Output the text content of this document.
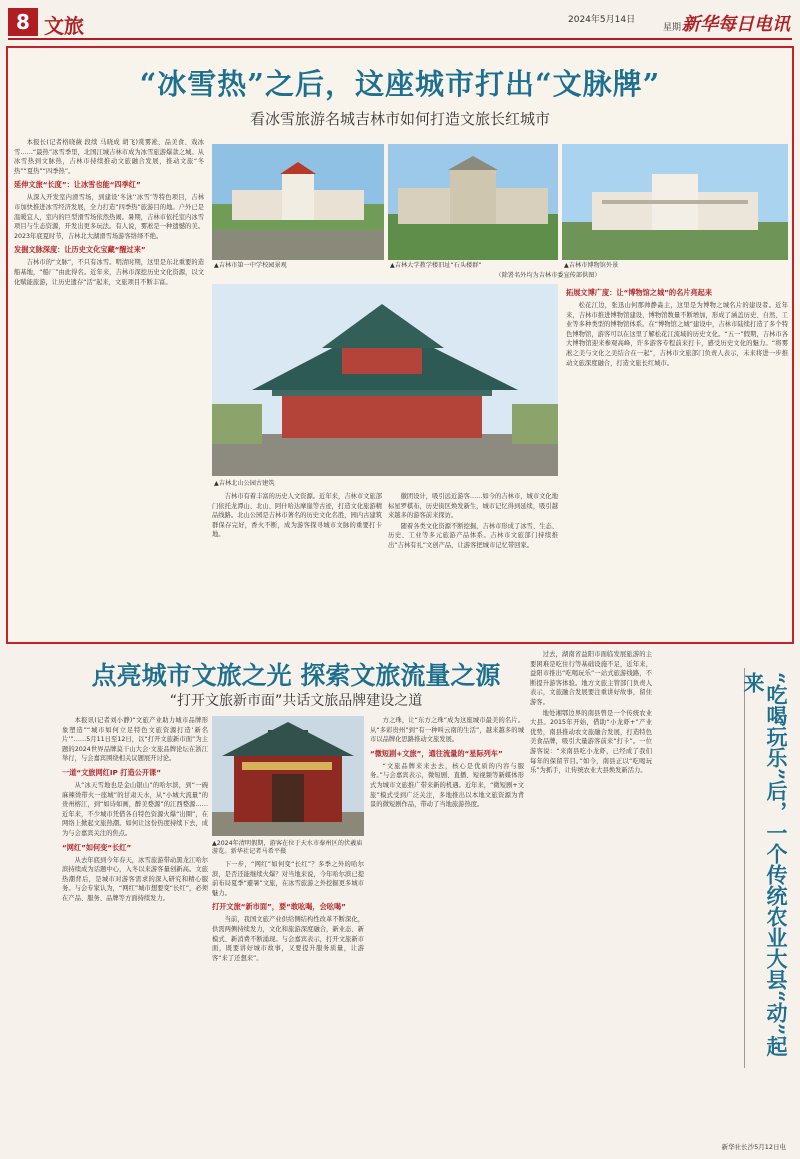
8 文旅	2024年5月14日
星期二
新华每日电讯
“冰雪热”之后，这座城市打出“文脉牌”
看冰雪旅游名城吉林市如何打造文旅长红城市

本报长(记者格晓薇 段续 马晓成 胡飞)赏雾凇、品美食、戏冰雪……“最热”冰雪季里，北国江城吉林市成为冰雪旅游爆款之城。从冰雪热到文脉热，吉林市持续推动文旅融合发展，推动文旅“冬热”“夏热”“四季热”。

延伸文旅“长度”：让冰雪也能“四季红”

从深入开发室内滑雪场，到建设‘冬泳’‘冰雪’等特色项目，吉林市加快推进冰雪经济发展，全力打造“四季热”旅游目的地。户外已是温暖宜人，室内的巨型滑雪场依然热闹。暑期，吉林市依托室内冰雪项目与生态资源，开发出更多玩法。有人说，雾凇是一种遗憾的美。2023年底夏时节，吉林北大湖滑雪场游客络绎不绝。

发掘文脉深度：让历史文化宝藏“醒过来”

吉林市的“文脉”，不只有冰雪。明清时期，这里是东北重要的造船基地，“船厂”由此得名。近年来，吉林市深挖历史文化资源，以文化赋能旅游，让历史遗存“活”起来，文旅项目不断丰富。

▲吉林市第一中学校园景观	▲吉林大学教学楼旧址“石头楼群”	▲吉林市博物馆外景
（除署名外均为吉林市委宣传部供图）
▲吉林北山公园古建筑

吉林市有着丰富的历史人文资源。近年来，吉林市文旅部门依托龙潭山、北山、阿什哈达摩崖等古迹，打造文化旅游精品线路。北山公园是吉林市著名的历史文化名胜，园内古建筑群保存完好，香火不断，成为游客探寻城市文脉的重要打卡地。

徽团设计，吸引远近游客……如今的吉林市，城市文化地标星罗棋布，历史街区焕发新生，城市记忆得到延续，吸引越来越多的游客前来探访。

随着各类文化资源不断挖掘，吉林市形成了冰雪、生态、历史、工业等多元旅游产品体系。吉林市文旅部门持续推出“吉林有礼”文创产品，让游客把城市记忆带回家。

拓展文博广度：让“博物馆之城”的名片亮起来

松花江边，张迅山何那帅静淼主，这里是为博物之城名片的建设者。近年来，吉林市推进博物馆建设，博物馆数量不断增加，形成了涵盖历史、自然、工业等多种类型的博物馆体系。在“博物馆之城”建设中，吉林市陆续打造了多个特色博物馆，游客可以在这里了解松花江流域的历史文化。“五一”假期，吉林市各大博物馆迎来参观高峰，许多游客专程前来打卡，感受历史文化的魅力。“将雾凇之美与文化之美结合在一起”，吉林市文旅部门负责人表示，未来将进一步推动文旅深度融合，打造文旅长红城市。

点亮城市文旅之光 探索文旅流量之源
“打开文旅新市面”共话文旅品牌建设之道

本报讯(记者刘小静)“文旅产业助力城市品牌形象塑造”“城市如何立足特色文旅资源打造‘新名片’”……5月11日至12日，以“打开文旅新市面”为主题的2024世界品牌莫干山大会·文旅品牌论坛在浙江举行，与会嘉宾围绕相关议题展开讨论。

一道“文旅网红IP 打造公开课”

从“冰天雪地也是金山银山”的哈尔滨，到“一碗麻辣烫带火一座城”的甘肃天水，从“小城大流量”的贵州榕江，到“如诗如画，醉美婺源”的江西婺源……近年来，不少城市凭借各自特色资源火爆“出圈”，在网络上掀起文旅热潮。如何让这份热度持续下去，成为与会嘉宾关注的焦点。

“网红”如何变“长红”

从去年底到今年春天，冰雪旅游带动黑龙江哈尔滨持续成为话题中心，入冬以来游客量创新高。文旅热潮背后，是城市对游客需求的深入研究和精心服务。与会专家认为，“网红”城市想要变“长红”，必须在产品、服务、品牌等方面持续发力。

▲2024年清明假期，游客在位于天水市秦州区的伏羲庙游览。新华社记者马希平摄

下一步，“网红”如何变“长红”？多季之外的哈尔滨，是否还能继续火爆？对当地来说，今年哈尔滨已提前布局夏季“避暑”文旅，在冰雪旅游之外挖掘更多城市魅力。

打开文旅“新市面”，要“敢吆喝，会吆喝”

当前，我国文旅产业供给侧结构性改革不断深化，供需两侧持续发力，文化和旅游深度融合，新业态、新模式、新消费不断涌现。与会嘉宾表示，打开文旅新市面，既要讲好城市故事，又要提升服务质量，让游客“来了还想来”。

方之珠，让“东方之珠”成为这座城市最美的名片。从“多彩贵州”到“有一种叫云南的生活”，越来越多的城市以品牌化思路推动文旅发展。

“微短剧+文旅”，通往流量的“星际列车”

“文旅品牌来来去去，核心是优质的内容与服务。”与会嘉宾表示，微短剧、直播、短视频等新媒体形式为城市文旅推广带来新的机遇。近年来，“微短剧+文旅”模式受到广泛关注，多地推出以本地文旅资源为背景的微短剧作品，带动了当地旅游热度。

过去，湖南省益阳市面临发展旅游的主要困难是吃住行等基础设施不足，近年来，益阳市推出“吃喝玩乐”一站式旅游线路，不断提升游客体验。地方文旅主管部门负责人表示，文旅融合发展要注重讲好故事，留住游客。

地处湘鄂边界的南县曾是一个传统农业大县。2015年开始，借助“小龙虾+”产业优势，南县推动农文旅融合发展，打造特色美食品牌，吸引大量游客前来“打卡”。一位游客说：“来南县吃小龙虾，已经成了我们每年的保留节目。”如今，南县正以“吃喝玩乐”为抓手，让传统农业大县焕发新活力。	“吃喝玩乐”后，一个传统农业大县“动”起来
新华社长沙5月12日电
